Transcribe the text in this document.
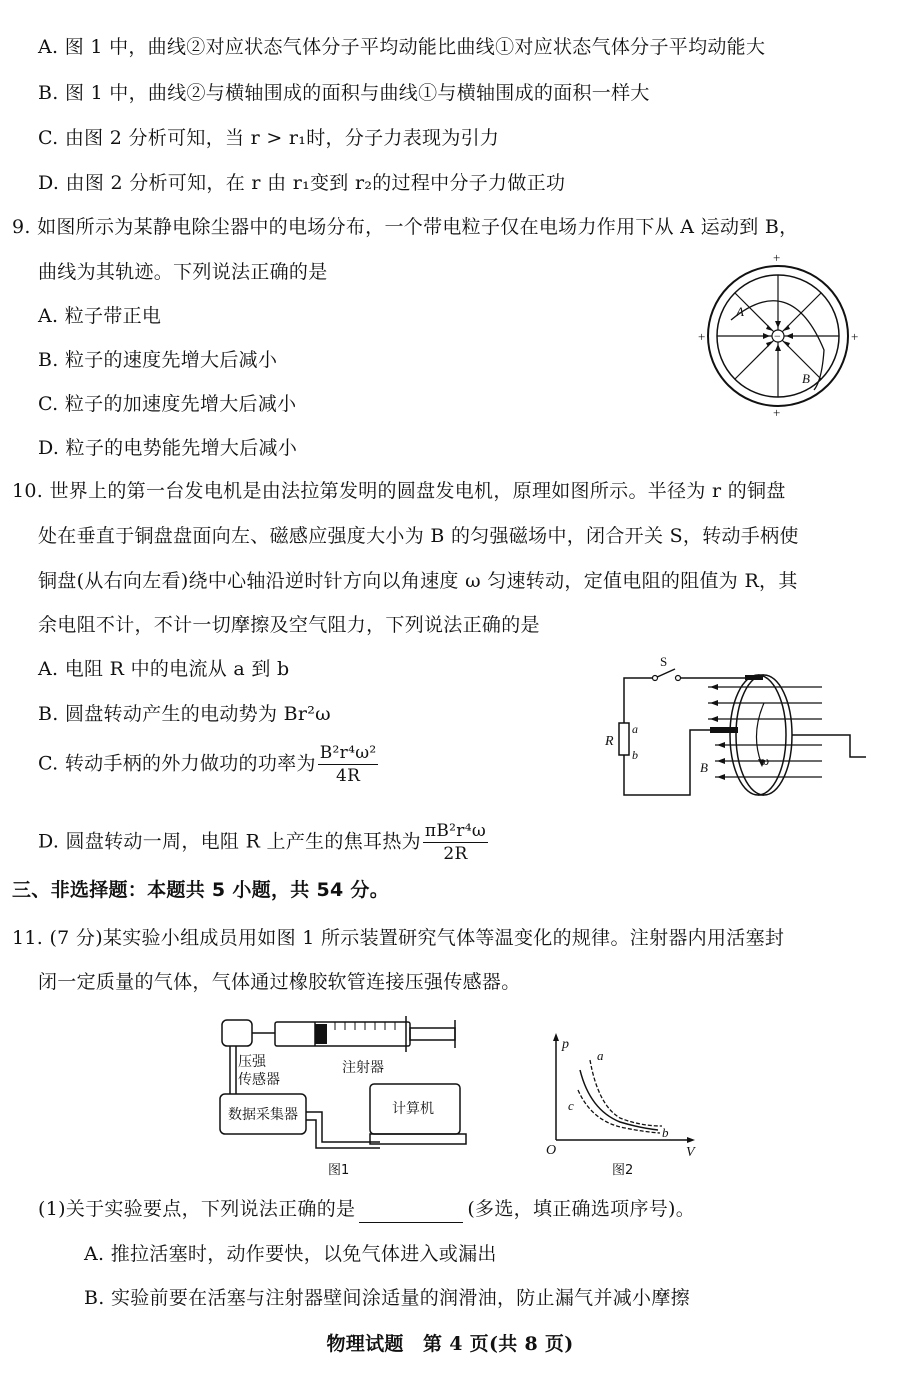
A. 图 1 中，曲线②对应状态气体分子平均动能比曲线①对应状态气体分子平均动能大
B. 图 1 中，曲线②与横轴围成的面积与曲线①与横轴围成的面积一样大
C. 由图 2 分析可知，当 r > r₁时，分子力表现为引力
D. 由图 2 分析可知，在 r 由 r₁变到 r₂的过程中分子力做正功
9. 如图所示为某静电除尘器中的电场分布，一个带电粒子仅在电场力作用下从 A 运动到 B，
曲线为其轨迹。下列说法正确的是
A. 粒子带正电
B. 粒子的速度先增大后减小
C. 粒子的加速度先增大后减小
D. 粒子的电势能先增大后减小
−
A
B
+
+
+	+
10. 世界上的第一台发电机是由法拉第发明的圆盘发电机，原理如图所示。半径为 r 的铜盘
处在垂直于铜盘盘面向左、磁感应强度大小为 B 的匀强磁场中，闭合开关 S，转动手柄使
铜盘(从右向左看)绕中心轴沿逆时针方向以角速度 ω 匀速转动，定值电阻的阻值为 R，其
余电阻不计，不计一切摩擦及空气阻力，下列说法正确的是
A. 电阻 R 中的电流从 a 到 b
B. 圆盘转动产生的电动势为 Br²ω
C. 转动手柄的外力做功的功率为 $\frac{\text{B²r⁴ω²}}{4R}$
D. 圆盘转动一周，电阻 R 上产生的焦耳热为 $\frac{\text{πB²r⁴ω}}{2R}$
S
R
a
b
B	ω
三、非选择题：本题共 5 小题，共 54 分。
11. (7 分)某实验小组成员用如图 1 所示装置研究气体等温变化的规律。注射器内用活塞封
闭一定质量的气体，气体通过橡胶软管连接压强传感器。
压强
传感器
注射器
数据采集器	计算机
图1
p
V
O
a
b
c
图2
(1)关于实验要点，下列说法正确的是	(多选，填正确选项序号)。
A. 推拉活塞时，动作要快，以免气体进入或漏出
B. 实验前要在活塞与注射器壁间涂适量的润滑油，防止漏气并减小摩擦
物理试题　第 4 页(共 8 页)
